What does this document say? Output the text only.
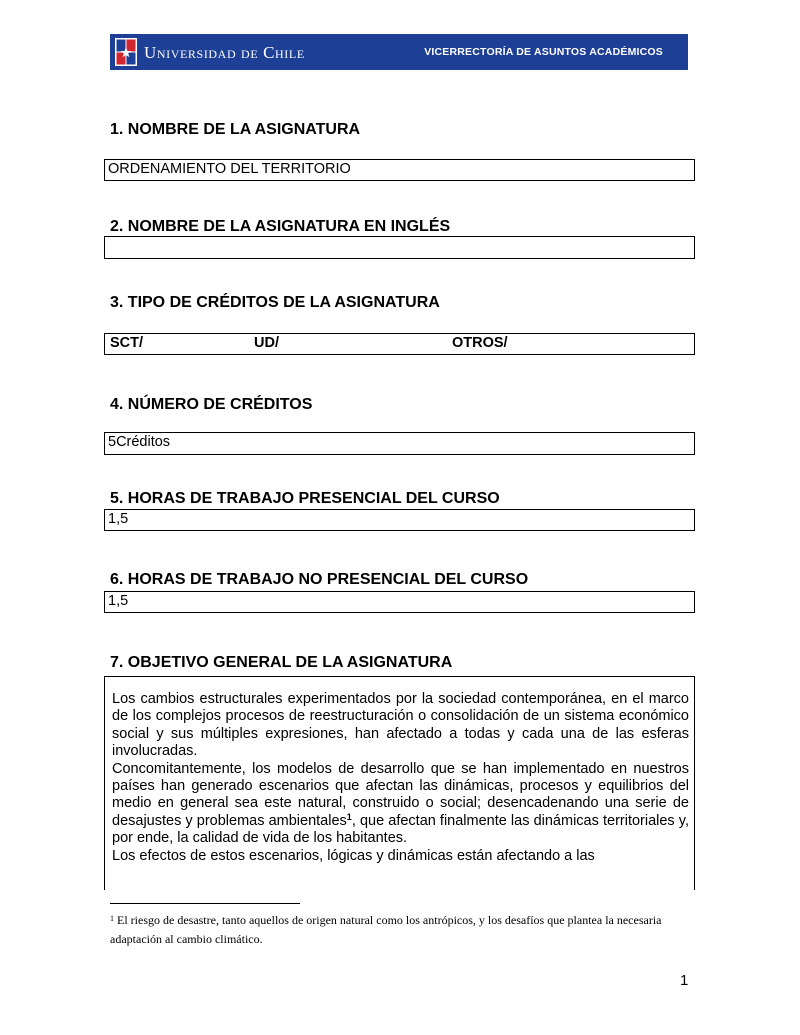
Universidad de Chile	VICERRECTORÍA DE ASUNTOS ACADÉMICOS
1. NOMBRE DE LA ASIGNATURA
ORDENAMIENTO DEL TERRITORIO
2. NOMBRE DE LA ASIGNATURA EN INGLÉS
3. TIPO DE CRÉDITOS DE LA ASIGNATURA
SCT/	UD/	OTROS/
4. NÚMERO DE CRÉDITOS
5Créditos
5. HORAS DE TRABAJO PRESENCIAL DEL CURSO
1,5
6. HORAS DE TRABAJO NO PRESENCIAL DEL CURSO
1,5
7. OBJETIVO GENERAL DE LA ASIGNATURA

Los cambios estructurales experimentados por la sociedad contemporánea, en el marco de los complejos procesos de reestructuración o consolidación de un sistema económico social y sus múltiples expresiones, han afectado a todas y cada una de las esferas involucradas.

Concomitantemente, los modelos de desarrollo que se han implementado en nuestros países han generado escenarios que afectan las dinámicas, procesos y equilibrios del medio en general sea este natural, construido o social; desencadenando una serie de desajustes y problemas ambientales$^1$, que afectan finalmente las dinámicas territoriales y, por ende, la calidad de vida de los habitantes.

Los efectos de estos escenarios, lógicas y dinámicas están afectando a las

$^1$ El riesgo de desastre, tanto aquellos de origen natural como los antrópicos, y los desafíos que plantea la necesaria adaptación al cambio climático.
1
